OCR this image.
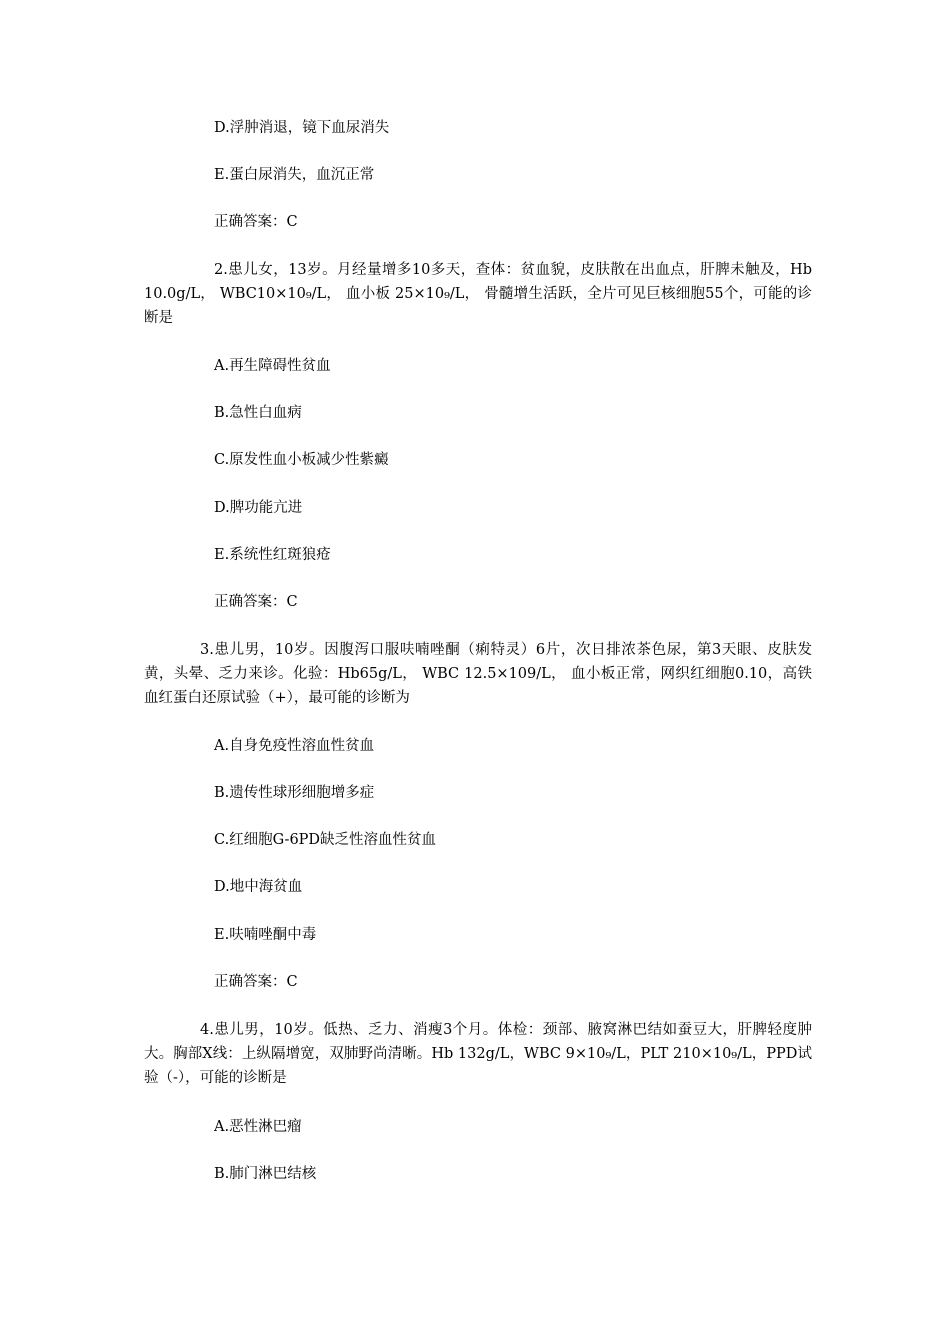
D.浮肿消退，镜下血尿消失
E.蛋白尿消失，血沉正常
正确答案：C
2.患儿女，13岁。月经量增多10多天，查体：贫血貌，皮肤散在出血点，肝脾未触及，Hb 10.0g/L， WBC10×10₉/L， 血小板 25×10₉/L， 骨髓增生活跃，全片可见巨核细胞55个，可能的诊断是
A.再生障碍性贫血
B.急性白血病
C.原发性血小板减少性紫癜
D.脾功能亢进
E.系统性红斑狼疮
正确答案：C
3.患儿男，10岁。因腹泻口服呋喃唑酮（痢特灵）6片，次日排浓茶色尿，第3天眼、皮肤发黄，头晕、乏力来诊。化验：Hb65g/L， WBC 12.5×109/L， 血小板正常，网织红细胞0.10，高铁血红蛋白还原试验（+），最可能的诊断为
A.自身免疫性溶血性贫血
B.遗传性球形细胞增多症
C.红细胞G-6PD缺乏性溶血性贫血
D.地中海贫血
E.呋喃唑酮中毒
正确答案：C
4.患儿男，10岁。低热、乏力、消瘦3个月。体检：颈部、腋窝淋巴结如蚕豆大，肝脾轻度肿大。胸部X线：上纵隔增宽，双肺野尚清晰。Hb 132g/L，WBC 9×10₉/L，PLT 210×10₉/L，PPD试验（-），可能的诊断是
A.恶性淋巴瘤
B.肺门淋巴结核
